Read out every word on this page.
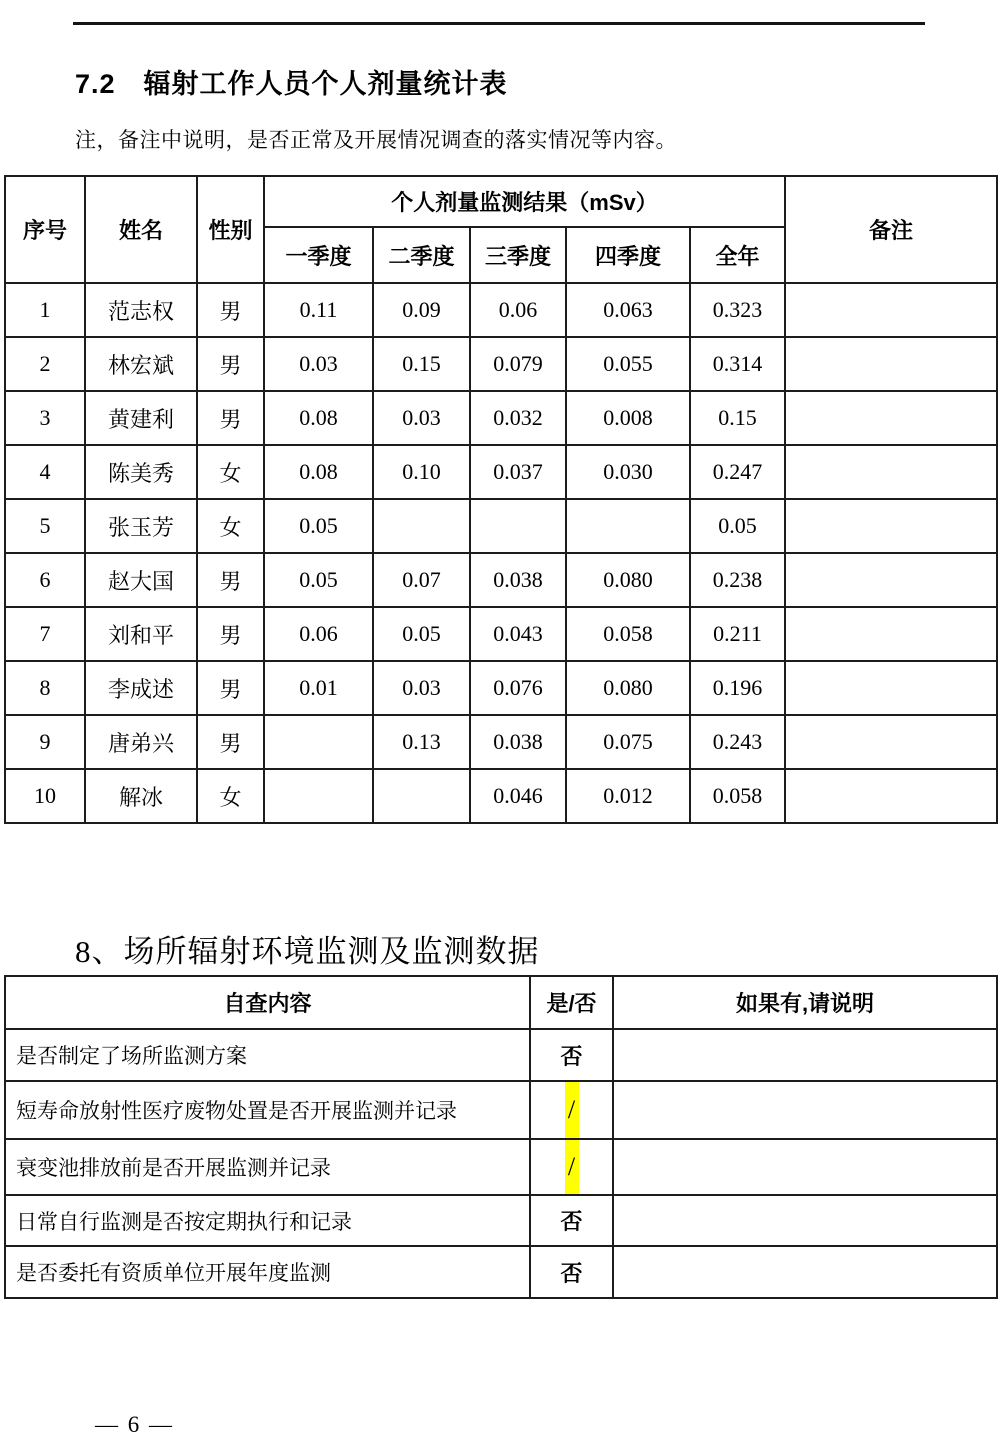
7.2　辐射工作人员个人剂量统计表

注，备注中说明，是否正常及开展情况调查的落实情况等内容。

序号	姓名	性别	个人剂量监测结果（mSv）					备注
			一季度	二季度	三季度	四季度	全年	
1	范志权	男	0.11	0.09	0.06	0.063	0.323	
2	林宏斌	男	0.03	0.15	0.079	0.055	0.314	
3	黄建利	男	0.08	0.03	0.032	0.008	0.15	
4	陈美秀	女	0.08	0.10	0.037	0.030	0.247	
5	张玉芳	女	0.05				0.05	
6	赵大国	男	0.05	0.07	0.038	0.080	0.238	
7	刘和平	男	0.06	0.05	0.043	0.058	0.211	
8	李成述	男	0.01	0.03	0.076	0.080	0.196	
9	唐弟兴	男		0.13	0.038	0.075	0.243	
10	解冰	女			0.046	0.012	0.058	
8、场所辐射环境监测及监测数据
自查内容	是/否	如果有,请说明
是否制定了场所监测方案	否	
短寿命放射性医疗废物处置是否开展监测并记录	/	

衰变池排放前是否开展监测并记录	/	

日常自行监测是否按定期执行和记录	否	
是否委托有资质单位开展年度监测	否	
— 6 —
